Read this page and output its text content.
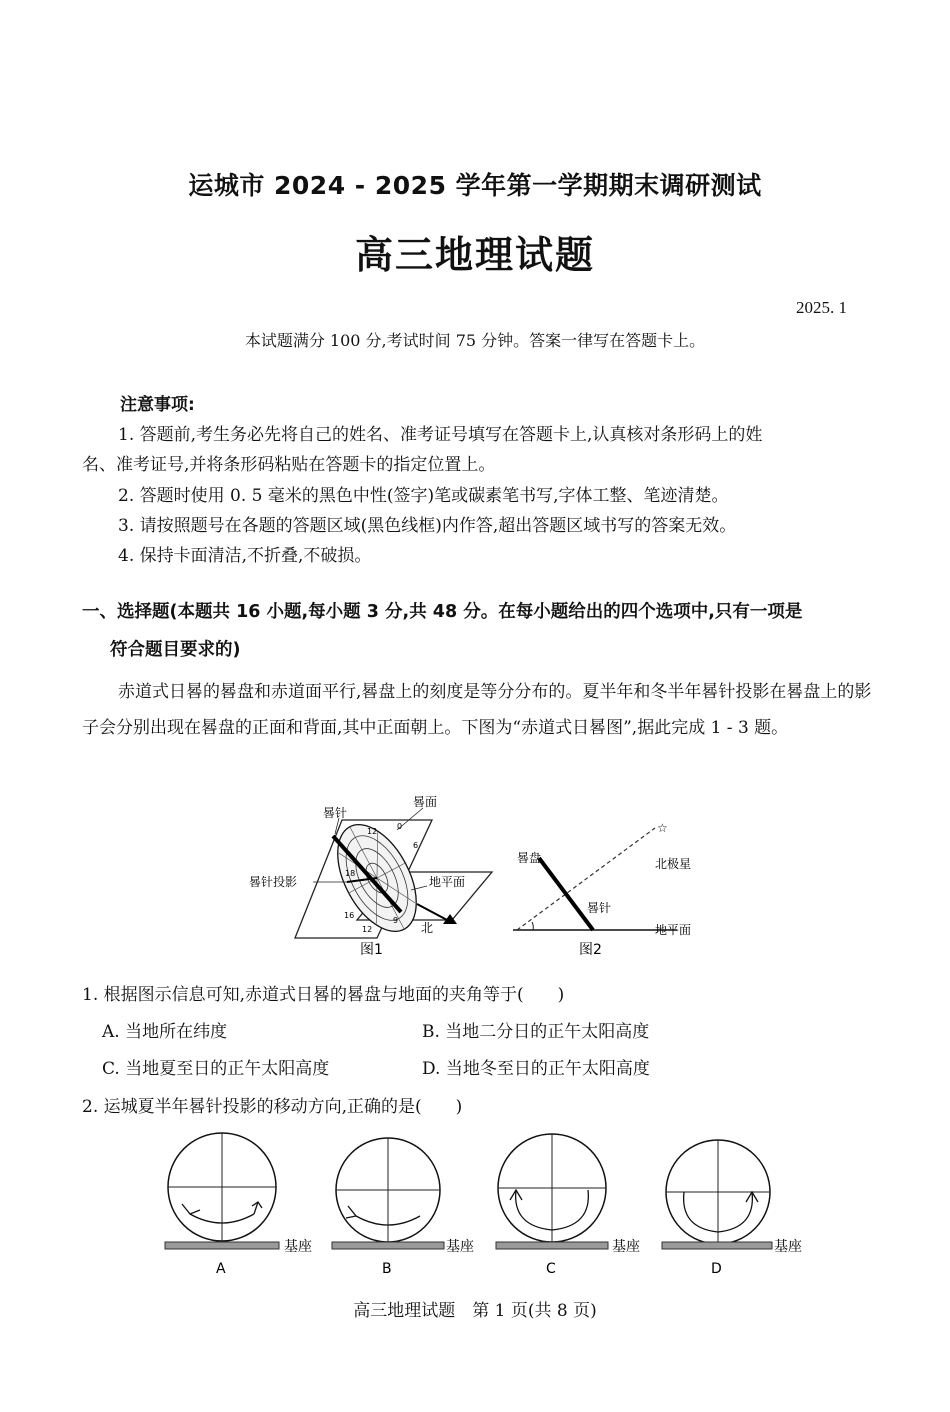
运城市 2024 - 2025 学年第一学期期末调研测试
高三地理试题
2025. 1
本试题满分 100 分,考试时间 75 分钟。答案一律写在答题卡上。
注意事项:
1. 答题前,考生务必先将自己的姓名、准考证号填写在答题卡上,认真核对条形码上的姓
名、准考证号,并将条形码粘贴在答题卡的指定位置上。
2. 答题时使用 0. 5 毫米的黑色中性(签字)笔或碳素笔书写,字体工整、笔迹清楚。
3. 请按照题号在各题的答题区域(黑色线框)内作答,超出答题区域书写的答案无效。
4. 保持卡面清洁,不折叠,不破损。
一、选择题(本题共 16 小题,每小题 3 分,共 48 分。在每小题给出的四个选项中,只有一项是
符合题目要求的)
赤道式日晷的晷盘和赤道面平行,晷盘上的刻度是等分分布的。夏半年和冬半年晷针投影在晷盘上的影子会分别出现在晷盘的正面和背面,其中正面朝上。下图为“赤道式日晷图”,据此完成 1 - 3 题。
晷针
晷面
晷针投影	地平面
北
图1
0
6
12
18
9
12
16
☆
晷盘	北极星
晷针
地平面
图2
1. 根据图示信息可知,赤道式日晷的晷盘与地面的夹角等于(　　)
A. 当地所在纬度	B. 当地二分日的正午太阳高度
C. 当地夏至日的正午太阳高度	D. 当地冬至日的正午太阳高度
2. 运城夏半年晷针投影的移动方向,正确的是(　　)
基座
A
基座
B
基座
C
基座
D
高三地理试题　第 1 页(共 8 页)
